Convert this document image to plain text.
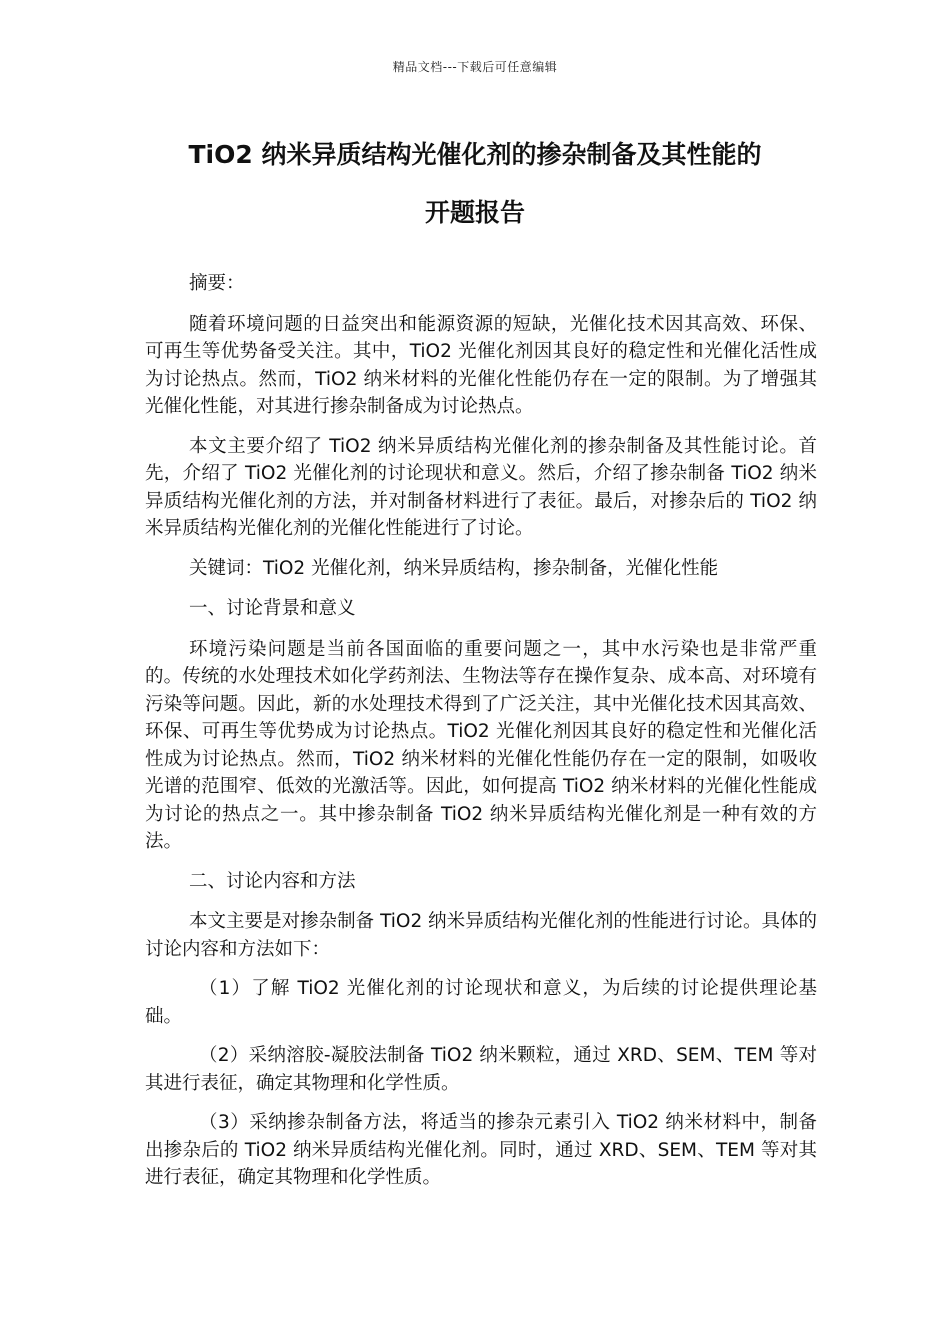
精品文档---下载后可任意编辑
TiO2 纳米异质结构光催化剂的掺杂制备及其性能的
开题报告

摘要：

随着环境问题的日益突出和能源资源的短缺，光催化技术因其高效、环保、可再生等优势备受关注。其中，TiO2 光催化剂因其良好的稳定性和光催化活性成为讨论热点。然而，TiO2 纳米材料的光催化性能仍存在一定的限制。为了增强其光催化性能，对其进行掺杂制备成为讨论热点。

本文主要介绍了 TiO2 纳米异质结构光催化剂的掺杂制备及其性能讨论。首先，介绍了 TiO2 光催化剂的讨论现状和意义。然后，介绍了掺杂制备 TiO2 纳米异质结构光催化剂的方法，并对制备材料进行了表征。最后，对掺杂后的 TiO2 纳米异质结构光催化剂的光催化性能进行了讨论。

关键词：TiO2 光催化剂，纳米异质结构，掺杂制备，光催化性能

一、讨论背景和意义

环境污染问题是当前各国面临的重要问题之一，其中水污染也是非常严重的。传统的水处理技术如化学药剂法、生物法等存在操作复杂、成本高、对环境有污染等问题。因此，新的水处理技术得到了广泛关注，其中光催化技术因其高效、环保、可再生等优势成为讨论热点。TiO2 光催化剂因其良好的稳定性和光催化活性成为讨论热点。然而，TiO2 纳米材料的光催化性能仍存在一定的限制，如吸收光谱的范围窄、低效的光激活等。因此，如何提高 TiO2 纳米材料的光催化性能成为讨论的热点之一。其中掺杂制备 TiO2 纳米异质结构光催化剂是一种有效的方法。

二、讨论内容和方法

本文主要是对掺杂制备 TiO2 纳米异质结构光催化剂的性能进行讨论。具体的讨论内容和方法如下：

（1）了解 TiO2 光催化剂的讨论现状和意义，为后续的讨论提供理论基础。

（2）采纳溶胶-凝胶法制备 TiO2 纳米颗粒，通过 XRD、SEM、TEM 等对其进行表征，确定其物理和化学性质。

（3）采纳掺杂制备方法，将适当的掺杂元素引入 TiO2 纳米材料中，制备出掺杂后的 TiO2 纳米异质结构光催化剂。同时，通过 XRD、SEM、TEM 等对其进行表征，确定其物理和化学性质。
